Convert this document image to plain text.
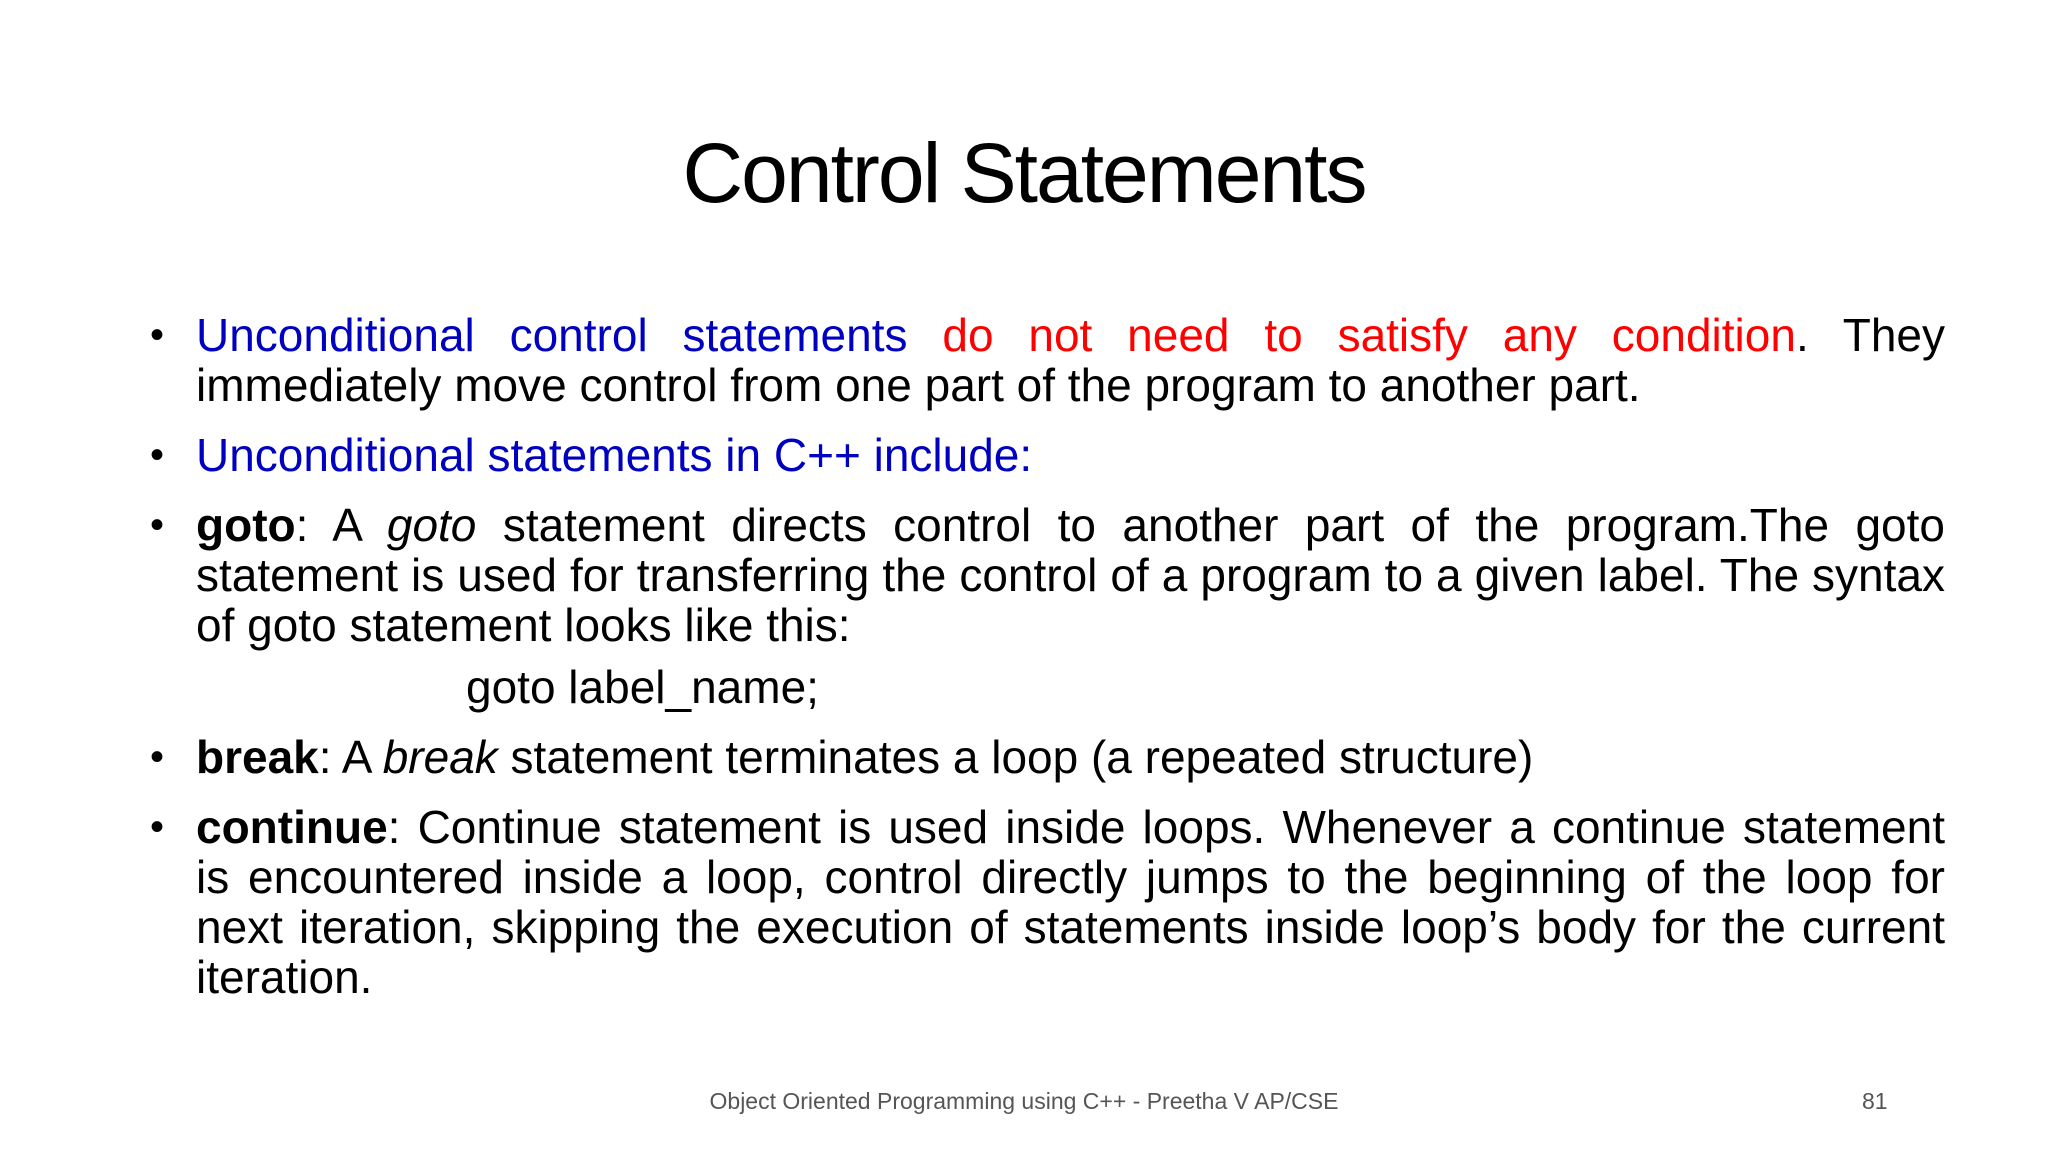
Control Statements
• Unconditional control statements do not need to satisfy any condition. They immediately move control from one part of the program to another part.
• Unconditional statements in C++ include:
• goto: A goto statement directs control to another part of the program.The goto statement is used for transferring the control of a program to a given label. The syntax of goto statement looks like this:
goto label_name;
• break: A break statement terminates a loop (a repeated structure)
• continue: Continue statement is used inside loops. Whenever a continue statement is encountered inside a loop, control directly jumps to the beginning of the loop for next iteration, skipping the execution of statements inside loop’s body for the current iteration.
Object Oriented Programming using C++ - Preetha V AP/CSE	81
